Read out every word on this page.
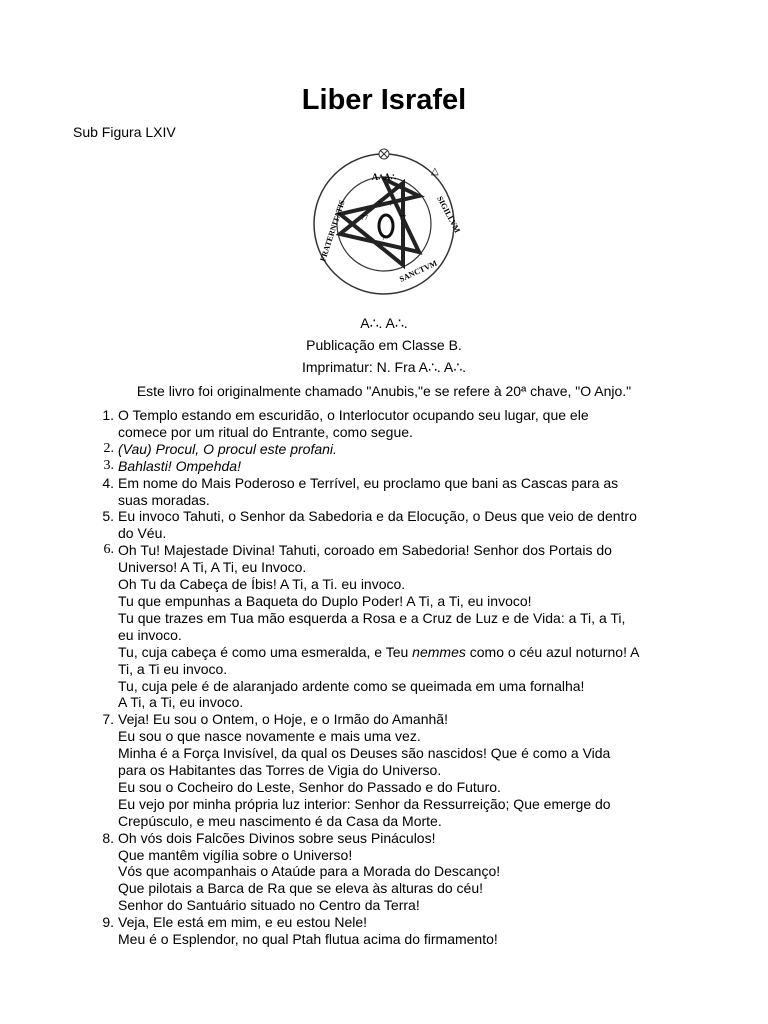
Liber Israfel
Sub Figura LXIV
A∴A∴
SIGILLVM
SANCTVM
FRATERNITATIS	7 7
77	77
7
△
A∴. A∴.
Publicação em Classe B.
Imprimatur: N. Fra A∴. A∴.
Este livro foi originalmente chamado "Anubis,"e se refere à 20ª chave, "O Anjo."
1. O Templo estando em escuridão, o Interlocutor ocupando seu lugar, que ele
comece por um ritual do Entrante, como segue.
2. (Vau) Procul, O procul este profani.
3. Bahlasti! Ompehda!
4. Em nome do Mais Poderoso e Terrível, eu proclamo que bani as Cascas para as
suas moradas.
5. Eu invoco Tahuti, o Senhor da Sabedoria e da Elocução, o Deus que veio de dentro
do Véu.
6. Oh Tu! Majestade Divina! Tahuti, coroado em Sabedoria! Senhor dos Portais do
Universo! A Ti, A Ti, eu Invoco.
Oh Tu da Cabeça de Íbis! A Ti, a Ti. eu invoco.
Tu que empunhas a Baqueta do Duplo Poder! A Ti, a Ti, eu invoco!
Tu que trazes em Tua mão esquerda a Rosa e a Cruz de Luz e de Vida: a Ti, a Ti,
eu invoco.
Tu, cuja cabeça é como uma esmeralda, e Teu nemmes como o céu azul noturno! A
Ti, a Ti eu invoco.
Tu, cuja pele é de alaranjado ardente como se queimada em uma fornalha!
A Ti, a Ti, eu invoco.
7. Veja! Eu sou o Ontem, o Hoje, e o Irmão do Amanhã!
Eu sou o que nasce novamente e mais uma vez.
Minha é a Força Invisível, da qual os Deuses são nascidos! Que é como a Vida
para os Habitantes das Torres de Vigia do Universo.
Eu sou o Cocheiro do Leste, Senhor do Passado e do Futuro.
Eu vejo por minha própria luz interior: Senhor da Ressurreição; Que emerge do
Crepúsculo, e meu nascimento é da Casa da Morte.
8. Oh vós dois Falcões Divinos sobre seus Pináculos!
Que mantêm vigília sobre o Universo!
Vós que acompanhais o Ataúde para a Morada do Descanço!
Que pilotais a Barca de Ra que se eleva às alturas do céu!
Senhor do Santuário situado no Centro da Terra!
9. Veja, Ele está em mim, e eu estou Nele!
Meu é o Esplendor, no qual Ptah flutua acima do firmamento!
